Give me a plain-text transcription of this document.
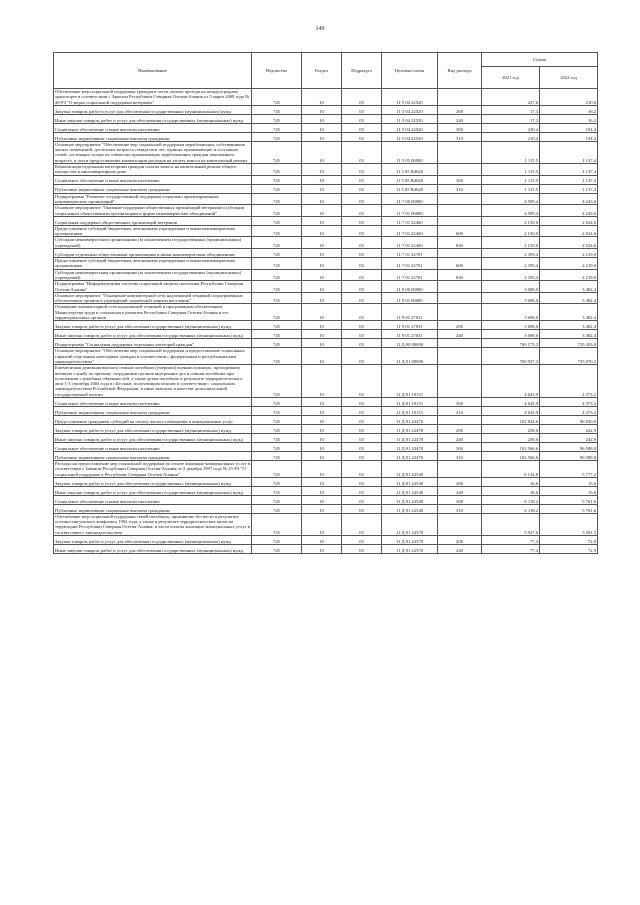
149
Наименование	Ведомство	Раздел	Подраздел	Целевая статья	Вид расхода	Сумма	
						2021 год	2022 год
Обеспечение мер социальной поддержки граждан в части оплаты проезда на междугородном транспорте в соответствии с Законом Республики Северная Осетия-Алания от 5 марта 2008 года № 20-РЗ "О мерах социальной поддержки ветеранов"	745	10	03	11 5 04 22520		227,6	210,6
Закупка товаров, работ и услуг для обеспечения государственных (муниципальных) нужд	745	10	03	11 5 04 22520	200	17,3	16,2
Иные закупки товаров, работ и услуг для обеспечения государственных (муниципальных) нужд	745	10	03	11 5 04 22520	240	17,3	16,2
Социальное обеспечение и иные выплаты населению	745	10	03	11 5 04 22520	300	210,4	194,4
Публичные нормативные социальные выплаты гражданам	745	10	03	11 5 04 22520	310	210,4	194,4
Основное мероприятие "Обеспечение мер социальной поддержки нерабочающих собственников жилых помещений, достигших возраста семидесяти лет, одиноко проживающих и состоящих семей, состоящих только из совместно проживающих нерабочающих граждан пенсионного возраста, в части предоставления компенсации расходов на уплату взноса на капитальный ремонт	745	10	03	11 5 05 00000		1 115,5	1 137,4
Компенсация отдельным категориям граждан оплаты взноса на капитальный ремонт общего имущества в многоквартирном доме	745	10	03	11 5 05 R4620		1 115,5	1 137,4
Социальное обеспечение и иные выплаты населению	745	10	03	11 5 05 R4620	300	1 115,5	1 137,4
Публичные нормативные социальные выплаты гражданам	745	10	03	11 5 05 R4620	310	1 115,5	1 137,4
Подпрограмма "Развитие государственной поддержки социально ориентированных некоммерческих организаций"	745	10	03	11 7 00 00000		4 509,4	4 243,6
Основное мероприятие "Оказание поддержки общественных организаций ветеранов и субсидии социальным общественным организациям в форме некоммерческих объединений"	745	10	03	11 7 01 00000		4 509,4	4 243,6
Социальная поддержка общественных организаций ветеранов	745	10	03	11 7 01 22460		2 150,0	2 024,6
Предоставление субсидий бюджетным, автономным учреждениям и иным некоммерческим организациям	745	10	03	11 7 01 22460	600	2 150,0	2 024,6
Субсидии некоммерческим организациям (за исключением государственных (муниципальных) учреждений)	745	10	03	11 7 01 22460	630	2 150,0	2 024,6
Субсидии отдельным общественным организациям и иным некоммерческим объединениям	745	10	03	11 7 01 22701		2 359,4	2 219,0
Предоставление субсидий бюджетным, автономным учреждениям и иным некоммерческим организациям	745	10	03	11 7 01 22701	600	2 359,4	2 219,0
Субсидии некоммерческим организациям (за исключением государственных (муниципальных) учреждений)	745	10	03	11 7 01 22701	630	2 359,4	2 219,0
Подпрограмма "Информатизация системы социальной защиты населения Республики Северная Осетия-Алания"	745	10	03	11 9 00 00000		3 698,0	3 482,4
Основное мероприятие "Оснащение компьютерной сети надлежащей техникой и программным обеспечением органов и учреждений социальной защиты населения"	745	10	03	11 9 01 00000		3 698,0	3 482,4
Оснащение компьютерной сети надлежащей техникой и программным обеспечением Министерства труда и социального развития Республики Северная Осетия-Алания и его территориальных органов	745	10	03	11 9 01 27031		3 698,0	3 482,4
Закупка товаров, работ и услуг для обеспечения государственных (муниципальных) нужд	745	10	03	11 9 01 27031	200	3 698,0	3 482,4
Иные закупки товаров, работ и услуг для обеспечения государственных (муниципальных) нужд	745	10	03	11 9 01 27031	240	3 698,0	3 482,4
Подпрограмма "Социальная поддержка отдельных категорий граждан"	745	10	03	11 Д 00 00000		769 175,3	735 203,9
Основное мероприятие "Обеспечение мер социальной поддержки и предоставление социальных гарантий отдельным категориям граждан в соответствии с федеральным и республиканским законодательством"	745	10	03	11 Д 01 00000		769 037,3	735 070,2
Ежемесячная денежная выплата семьям погибших (умерших) военнослужащих, проходивших военную службу по призыву, сотрудников органов внутренних дел и семьям погибших при исполнении служебных обязанностей, а также детям погибших в результате террористического акта 1-3 сентября 2004 года в г.Беслане, получающим пенсию в соответствии с социальным законодательством Российской Федерации, и иные выплаты в качестве дополнительной государственной пенсии	745	10	03	11 Д 01 10151		4 643,9	4 373,2
Социальное обеспечение и иные выплаты населению	745	10	03	11 Д 01 10151	300	4 643,9	4 373,2
Публичные нормативные социальные выплаты гражданам	745	10	03	11 Д 01 10151	310	4 643,9	4 373,2
Предоставление гражданам субсидий на оплату жилого помещения и коммунальных услуг	745	10	03	11 Д 01 22470		102 824,6	96 830,9
Закупка товаров, работ и услуг для обеспечения государственных (муниципальных) нужд	745	10	03	11 Д 01 22470	200	258,0	242,9
Иные закупки товаров, работ и услуг для обеспечения государственных (муниципальных) нужд	745	10	03	11 Д 01 22470	240	258,0	242,9
Социальное обеспечение и иные выплаты населению	745	10	03	11 Д 01 22470	300	102 566,6	96 588,0
Публичные нормативные социальные выплаты гражданам	745	10	03	11 Д 01 22470	310	102 566,6	96 588,0
Расходы на предоставление мер социальной поддержки по оплате жилищно-коммунальных услуг в соответствии с Законом Республики Северная Осетия-Алания от 2 декабря 1997 года № 15-РЗ "О социальной поддержке в Республике Северная Осетия-Алания"	745	10	03	11 Д 01 22540		6 134,8	5 777,2
Закупка товаров, работ и услуг для обеспечения государственных (муниципальных) нужд	745	10	03	11 Д 01 22540	200	16,6	15,6
Иные закупки товаров, работ и услуг для обеспечения государственных (муниципальных) нужд	745	10	03	11 Д 01 22540	240	16,6	15,6
Социальное обеспечение и иные выплаты населению	745	10	03	11 Д 01 22540	300	6 118,2	5 761,6
Публичные нормативные социальные выплаты гражданам	745	10	03	11 Д 01 22540	310	6 118,2	5 761,6
Обеспечение мер социальной поддержки семей погибших, проживших без вести в результате осетино-ингушского конфликта 1992 года, а также в результате террористических актов на территории Республики Северная Осетия-Алания, в части оплаты жилищно-коммунальных услуг в соответствии с законодательством	745	10	03	11 Д 01 22570		5 927,6	5 581,5
Закупка товаров, работ и услуг для обеспечения государственных (муниципальных) нужд	745	10	03	11 Д 01 22570	200	77,4	72,9
Иные закупки товаров, работ и услуг для обеспечения государственных (муниципальных) нужд	745	10	03	11 Д 01 22570	240	77,4	72,9
